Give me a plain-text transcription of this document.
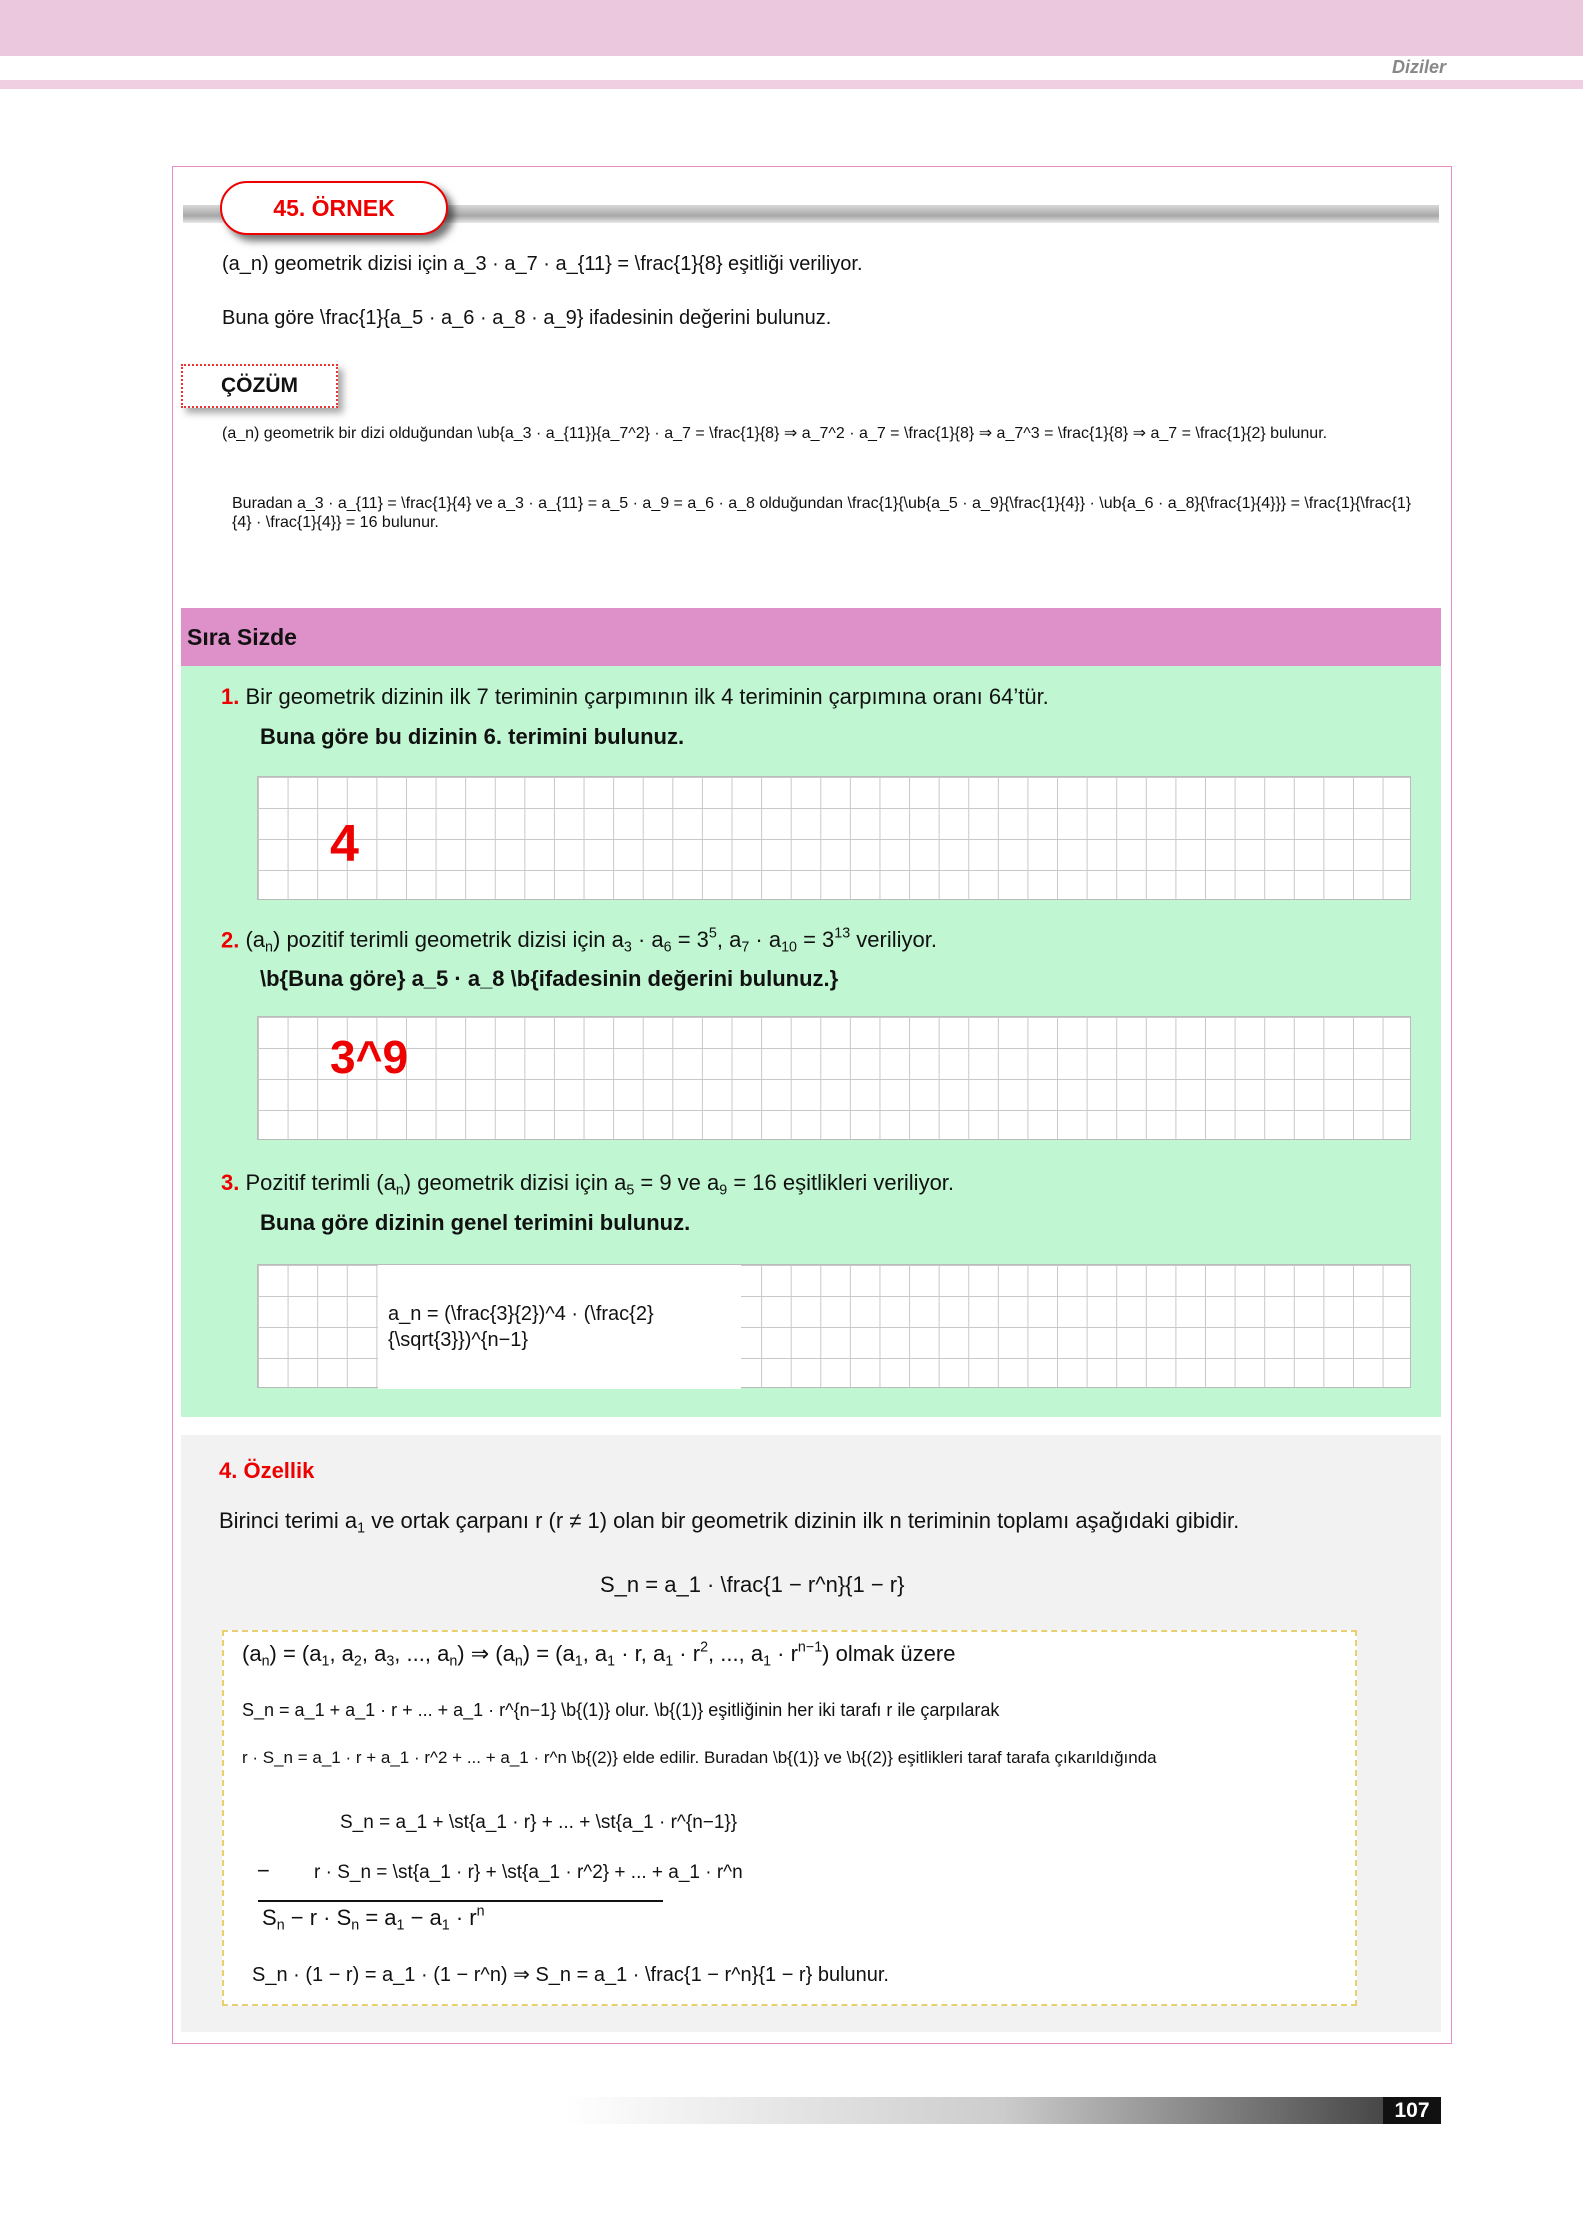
Diziler
45. ÖRNEK
(a_n) geometrik dizisi için a_3 · a_7 · a_{11} = \frac{1}{8} eşitliği veriliyor.
Buna göre \frac{1}{a_5 · a_6 · a_8 · a_9} ifadesinin değerini bulunuz.
ÇÖZÜM
(a_n) geometrik bir dizi olduğundan \ub{a_3 · a_{11}}{a_7^2} · a_7 = \frac{1}{8} ⇒ a_7^2 · a_7 = \frac{1}{8} ⇒ a_7^3 = \frac{1}{8} ⇒ a_7 = \frac{1}{2} bulunur.
Buradan a_3 · a_{11} = \frac{1}{4} ve a_3 · a_{11} = a_5 · a_9 = a_6 · a_8 olduğundan \frac{1}{\ub{a_5 · a_9}{\frac{1}{4}} · \ub{a_6 · a_8}{\frac{1}{4}}} = \frac{1}{\frac{1}{4} · \frac{1}{4}} = 16 bulunur.
Sıra Sizde
1. Bir geometrik dizinin ilk 7 teriminin çarpımının ilk 4 teriminin çarpımına oranı 64’tür.
Buna göre bu dizinin 6. terimini bulunuz.
4
2. $(a_n)$ pozitif terimli geometrik dizisi için $a_3 \cdot a_6 = 3^5$, $a_7 \cdot a_{10} = 3^{13}$ veriliyor.
\b{Buna göre} a_5 · a_8 \b{ifadesinin değerini bulunuz.}
3^9
3. Pozitif terimli $(a_n)$ geometrik dizisi için $a_5 = 9$ ve $a_9 = 16$ eşitlikleri veriliyor.
Buna göre dizinin genel terimini bulunuz.
a_n = (\frac{3}{2})^4 · (\frac{2}{\sqrt{3}})^{n−1}
4. Özellik
Birinci terimi $a_1$ ve ortak çarpanı r (r ≠ 1) olan bir geometrik dizinin ilk n teriminin toplamı aşağıdaki gibidir.
S_n = a_1 · \frac{1 − r^n}{1 − r}
$(a_n) = (a_1$, $a_2$, $a_3$, ..., $a_n$) ⇒ $(a_n) = (a_1$, $a_1 \cdot r$, $a_1 \cdot r^2$, ..., $a_1 \cdot r^{n-1}$) olmak üzere
S_n = a_1 + a_1 · r + ... + a_1 · r^{n−1} \b{(1)} olur. \b{(1)} eşitliğinin her iki tarafı r ile çarpılarak
r · S_n = a_1 · r + a_1 · r^2 + ... + a_1 · r^n \b{(2)} elde edilir. Buradan \b{(1)} ve \b{(2)} eşitlikleri taraf tarafa çıkarıldığında
S_n = a_1 + \st{a_1 · r} + ... + \st{a_1 · r^{n−1}}
− r · S_n = \st{a_1 · r} + \st{a_1 · r^2} + ... + a_1 · r^n
$S_n - r \cdot S_n = a_1 - a_1 \cdot r^n$
S_n · (1 − r) = a_1 · (1 − r^n) ⇒ S_n = a_1 · \frac{1 − r^n}{1 − r} bulunur.
107
